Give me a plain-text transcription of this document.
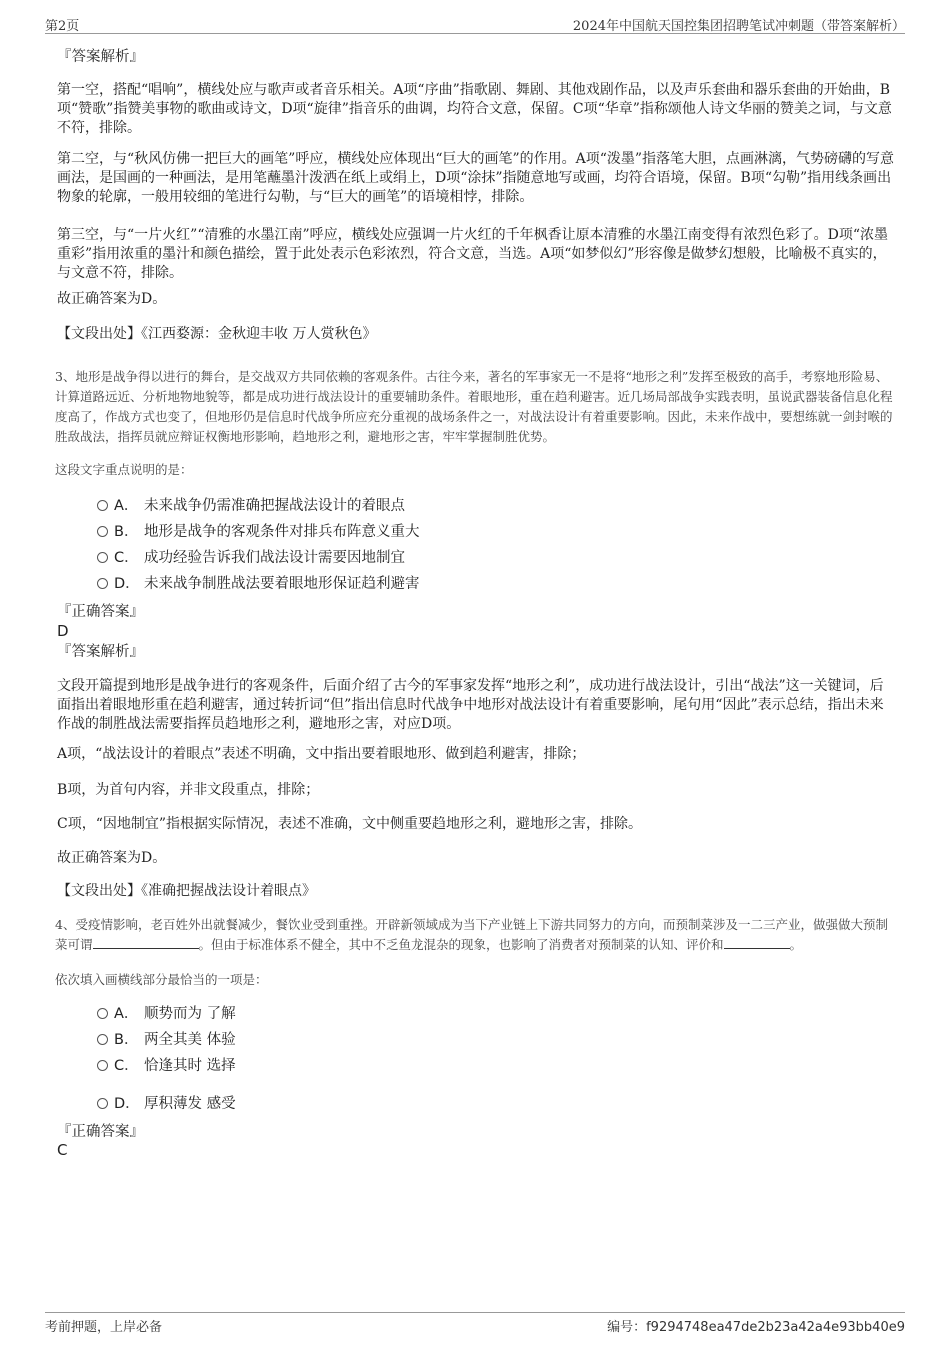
第2页	2024年中国航天国控集团招聘笔试冲刺题（带答案解析）
『答案解析』
第一空，搭配“唱响”，横线处应与歌声或者音乐相关。A项“序曲”指歌剧、舞剧、其他戏剧作品，以及声乐套曲和器乐套曲的开始曲，B项“赞歌”指赞美事物的歌曲或诗文，D项“旋律”指音乐的曲调，均符合文意，保留。C项“华章”指称颂他人诗文华丽的赞美之词，与文意不符，排除。
第二空，与“秋风仿佛一把巨大的画笔”呼应，横线处应体现出“巨大的画笔”的作用。A项“泼墨”指落笔大胆，点画淋漓，气势磅礴的写意画法，是国画的一种画法，是用笔蘸墨汁泼洒在纸上或绢上，D项“涂抹”指随意地写或画，均符合语境，保留。B项“勾勒”指用线条画出物象的轮廓，一般用较细的笔进行勾勒，与“巨大的画笔”的语境相悖，排除。
第三空，与“一片火红”“清雅的水墨江南”呼应，横线处应强调一片火红的千年枫香让原本清雅的水墨江南变得有浓烈色彩了。D项“浓墨重彩”指用浓重的墨汁和颜色描绘，置于此处表示色彩浓烈，符合文意，当选。A项“如梦似幻”形容像是做梦幻想般，比喻极不真实的，与文意不符，排除。
故正确答案为D。
【文段出处】《江西婺源：金秋迎丰收 万人赏秋色》
3、地形是战争得以进行的舞台，是交战双方共同依赖的客观条件。古往今来，著名的军事家无一不是将“地形之利”发挥至极致的高手，考察地形险易、计算道路远近、分析地物地貌等，都是成功进行战法设计的重要辅助条件。着眼地形，重在趋利避害。近几场局部战争实践表明，虽说武器装备信息化程度高了，作战方式也变了，但地形仍是信息时代战争所应充分重视的战场条件之一，对战法设计有着重要影响。因此，未来作战中，要想练就一剑封喉的胜敌战法，指挥员就应辩证权衡地形影响，趋地形之利，避地形之害，牢牢掌握制胜优势。
这段文字重点说明的是：
A． 未来战争仍需准确把握战法设计的着眼点
B． 地形是战争的客观条件对排兵布阵意义重大
C． 成功经验告诉我们战法设计需要因地制宜
D． 未来战争制胜战法要着眼地形保证趋利避害
『正确答案』
D
『答案解析』
文段开篇提到地形是战争进行的客观条件，后面介绍了古今的军事家发挥“地形之利”，成功进行战法设计，引出“战法”这一关键词，后面指出着眼地形重在趋利避害，通过转折词“但”指出信息时代战争中地形对战法设计有着重要影响，尾句用“因此”表示总结，指出未来作战的制胜战法需要指挥员趋地形之利，避地形之害，对应D项。
A项，“战法设计的着眼点”表述不明确，文中指出要着眼地形、做到趋利避害，排除；
B项，为首句内容，并非文段重点，排除；
C项，“因地制宜”指根据实际情况，表述不准确，文中侧重要趋地形之利，避地形之害，排除。
故正确答案为D。
【文段出处】《准确把握战法设计着眼点》
4、受疫情影响，老百姓外出就餐减少，餐饮业受到重挫。开辟新领域成为当下产业链上下游共同努力的方向，而预制菜涉及一二三产业，做强做大预制菜可谓	。但由于标准体系不健全，其中不乏鱼龙混杂的现象，也影响了消费者对预制菜的认知、评价和	。
依次填入画横线部分最恰当的一项是：
A． 顺势而为 了解
B． 两全其美 体验
C． 恰逢其时 选择
D． 厚积薄发 感受
『正确答案』
C
考前押题，上岸必备	编号：f9294748ea47de2b23a42a4e93bb40e9
